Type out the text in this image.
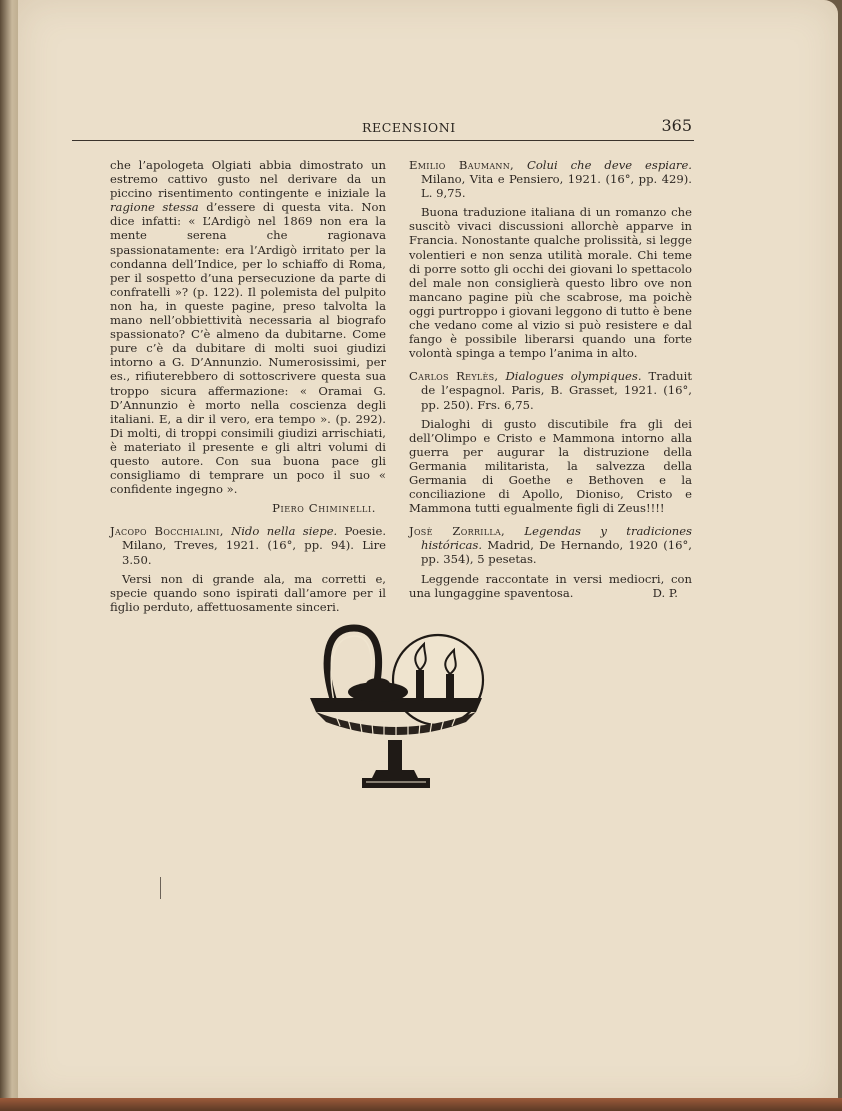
RECENSIONI	365

che l’apologeta Olgiati abbia dimostrato un estremo cattivo gusto nel derivare da un piccino risentimento contingente e iniziale la ragione stessa d’essere di questa vita. Non dice infatti: « L’Ardigò nel 1869 non era la mente serena che ragionava spassionatamente: era l’Ardigò irritato per la condanna dell’Indice, per lo schiaffo di Roma, per il sospetto d’una persecuzione da parte di confratelli »? (p. 122). Il polemista del pulpito non ha, in queste pagine, preso talvolta la mano nell’obbiettività necessaria al biografo spassionato? C’è almeno da dubitarne. Come pure c’è da dubitare di molti suoi giudizi intorno a G. D’Annunzio. Numerosissimi, per es., rifiuterebbero di sottoscrivere questa sua troppo sicura affermazione: « Oramai G. D’Annunzio è morto nella coscienza degli italiani. E, a dir il vero, era tempo ». (p. 292). Di molti, di troppi consimili giudizi arrischiati, è materiato il presente e gli altri volumi di questo autore. Con sua buona pace gli consigliamo di temprare un poco il suo « confidente ingegno ».

Piero Chiminelli.

Jacopo Bocchialini, Nido nella siepe. Poesie. Milano, Treves, 1921. (16°, pp. 94). Lire 3.50.

Versi non di grande ala, ma corretti e, specie quando sono ispirati dall’amore per il figlio perduto, affettuosamente sinceri.

Emilio Baumann, Colui che deve espiare. Milano, Vita e Pensiero, 1921. (16°, pp. 429). L. 9,75.

Buona traduzione italiana di un romanzo che suscitò vivaci discussioni allorchè apparve in Francia. Nonostante qualche prolissità, si legge volentieri e non senza utilità morale. Chi teme di porre sotto gli occhi dei giovani lo spettacolo del male non consiglierà questo libro ove non mancano pagine più che scabrose, ma poichè oggi purtroppo i giovani leggono di tutto è bene che vedano come al vizio si può resistere e dal fango è possibile liberarsi quando una forte volontà spinga a tempo l’anima in alto.

Carlos Reylès, Dialogues olympiques. Traduit de l’espagnol. Paris, B. Grasset, 1921. (16°, pp. 250). Frs. 6,75.

Dialoghi di gusto discutibile fra gli dei dell’Olimpo e Cristo e Mammona intorno alla guerra per augurar la distruzione della Germania militarista, la salvezza della Germania di Goethe e Bethoven e la conciliazione di Apollo, Dioniso, Cristo e Mammona tutti egualmente figli di Zeus!!!!

Josè Zorrilla, Legendas y tradiciones históricas. Madrid, De Hernando, 1920 (16°, pp. 354), 5 pesetas.

Leggende raccontate in versi mediocri, con una lungaggine spaventosa.	D. P.
